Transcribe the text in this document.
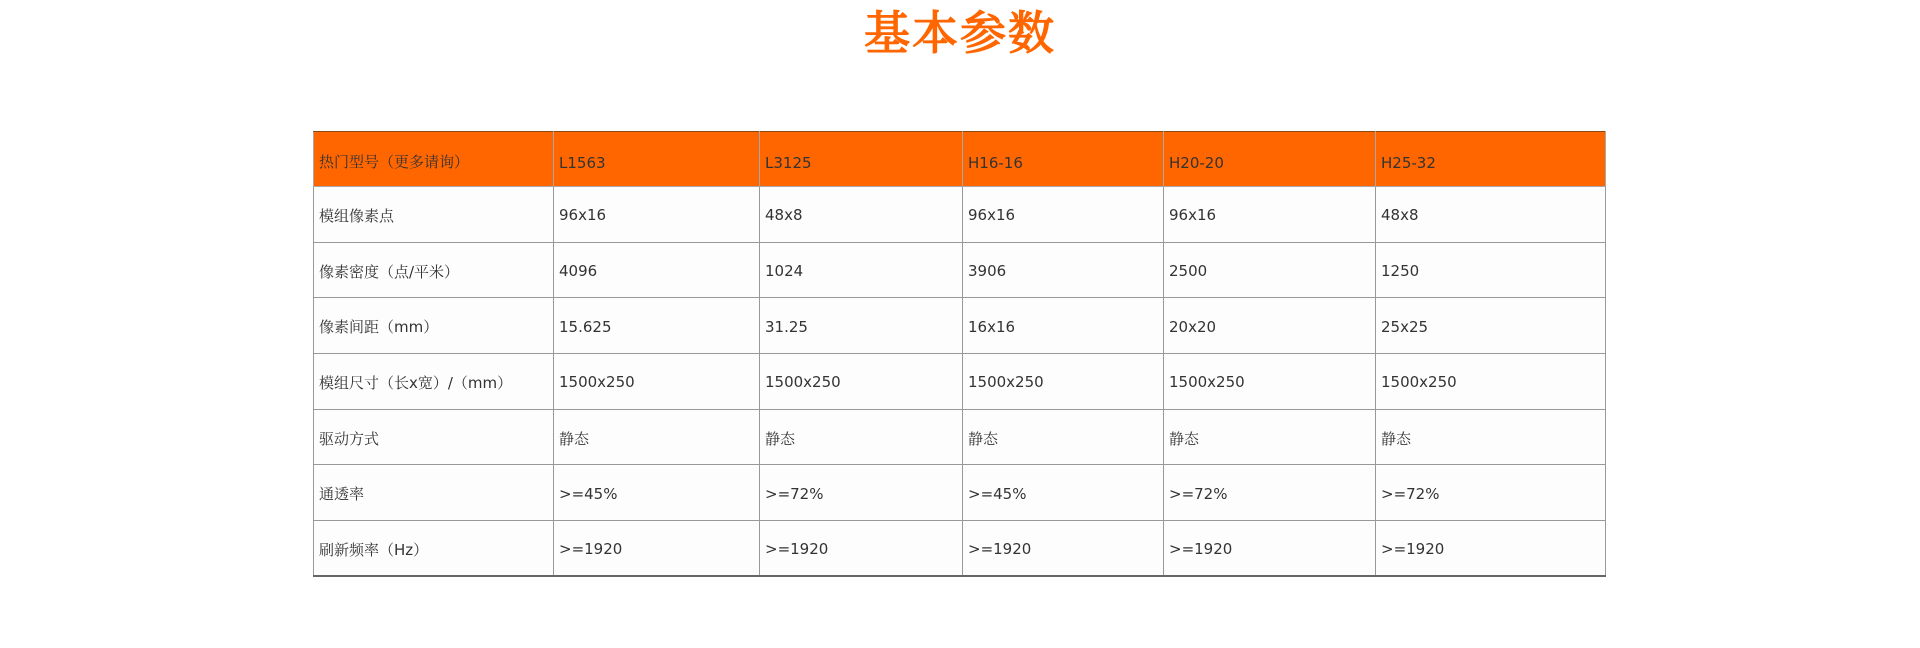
基本参数
热门型号（更多请询）	L1563	L3125	H16-16	H20-20	H25-32
模组像素点	96x16	48x8	96x16	96x16	48x8
像素密度（点/平米）	4096	1024	3906	2500	1250
像素间距（mm）	15.625	31.25	16x16	20x20	25x25
模组尺寸（长x宽）/（mm）	1500x250	1500x250	1500x250	1500x250	1500x250
驱动方式	静态	静态	静态	静态	静态
通透率	>=45%	>=72%	>=45%	>=72%	>=72%
刷新频率（Hz）	>=1920	>=1920	>=1920	>=1920	>=1920
